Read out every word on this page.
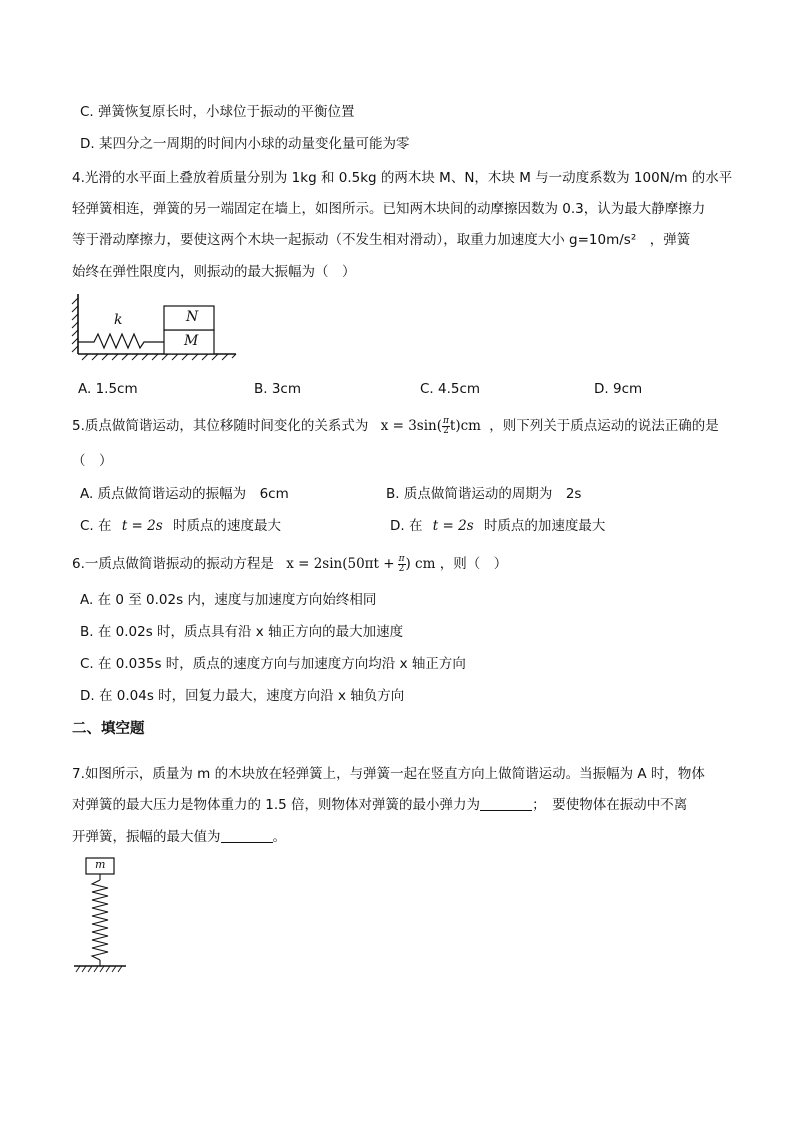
C. 弹簧恢复原长时，小球位于振动的平衡位置
D. 某四分之一周期的时间内小球的动量变化量可能为零
4.光滑的水平面上叠放着质量分别为 1kg 和 0.5kg 的两木块 M、N，木块 M 与一动度系数为 100N/m 的水平
轻弹簧相连，弹簧的另一端固定在墙上，如图所示。已知两木块间的动摩擦因数为 0.3，认为最大静摩擦力
等于滑动摩擦力，要使这两个木块一起振动（不发生相对滑动），取重力加速度大小 g=10m/s²　，弹簧
始终在弹性限度内，则振动的最大振幅为（　）
k	N
M
A. 1.5cm	B. 3cm	C. 4.5cm	D. 9cm
5.质点做简谐运动，其位移随时间变化的关系式为 $x = 3\sin( \frac{\pi}{2} t)cm$ ，则下列关于质点运动的说法正确的是
（　）
A. 质点做简谐运动的振幅为　6cm	B. 质点做简谐运动的周期为　2s
C. 在 t = 2s 时质点的速度最大	D. 在 t = 2s 时质点的加速度最大
6.一质点做简谐振动的振动方程是 $x = 2\sin(50\pi t + \frac{\pi}{2}$ ) cm ，则（　）
A. 在 0 至 0.02s 内，速度与加速度方向始终相同
B. 在 0.02s 时，质点具有沿 x 轴正方向的最大加速度
C. 在 0.035s 时，质点的速度方向与加速度方向均沿 x 轴正方向
D. 在 0.04s 时，回复力最大，速度方向沿 x 轴负方向
二、填空题
7.如图所示，质量为 m 的木块放在轻弹簧上，与弹簧一起在竖直方向上做简谐运动。当振幅为 A 时，物体
对弹簧的最大压力是物体重力的 1.5 倍，则物体对弹簧的最小弹力为	；　要使物体在振动中不离
开弹簧，振幅的最大值为	。
m
